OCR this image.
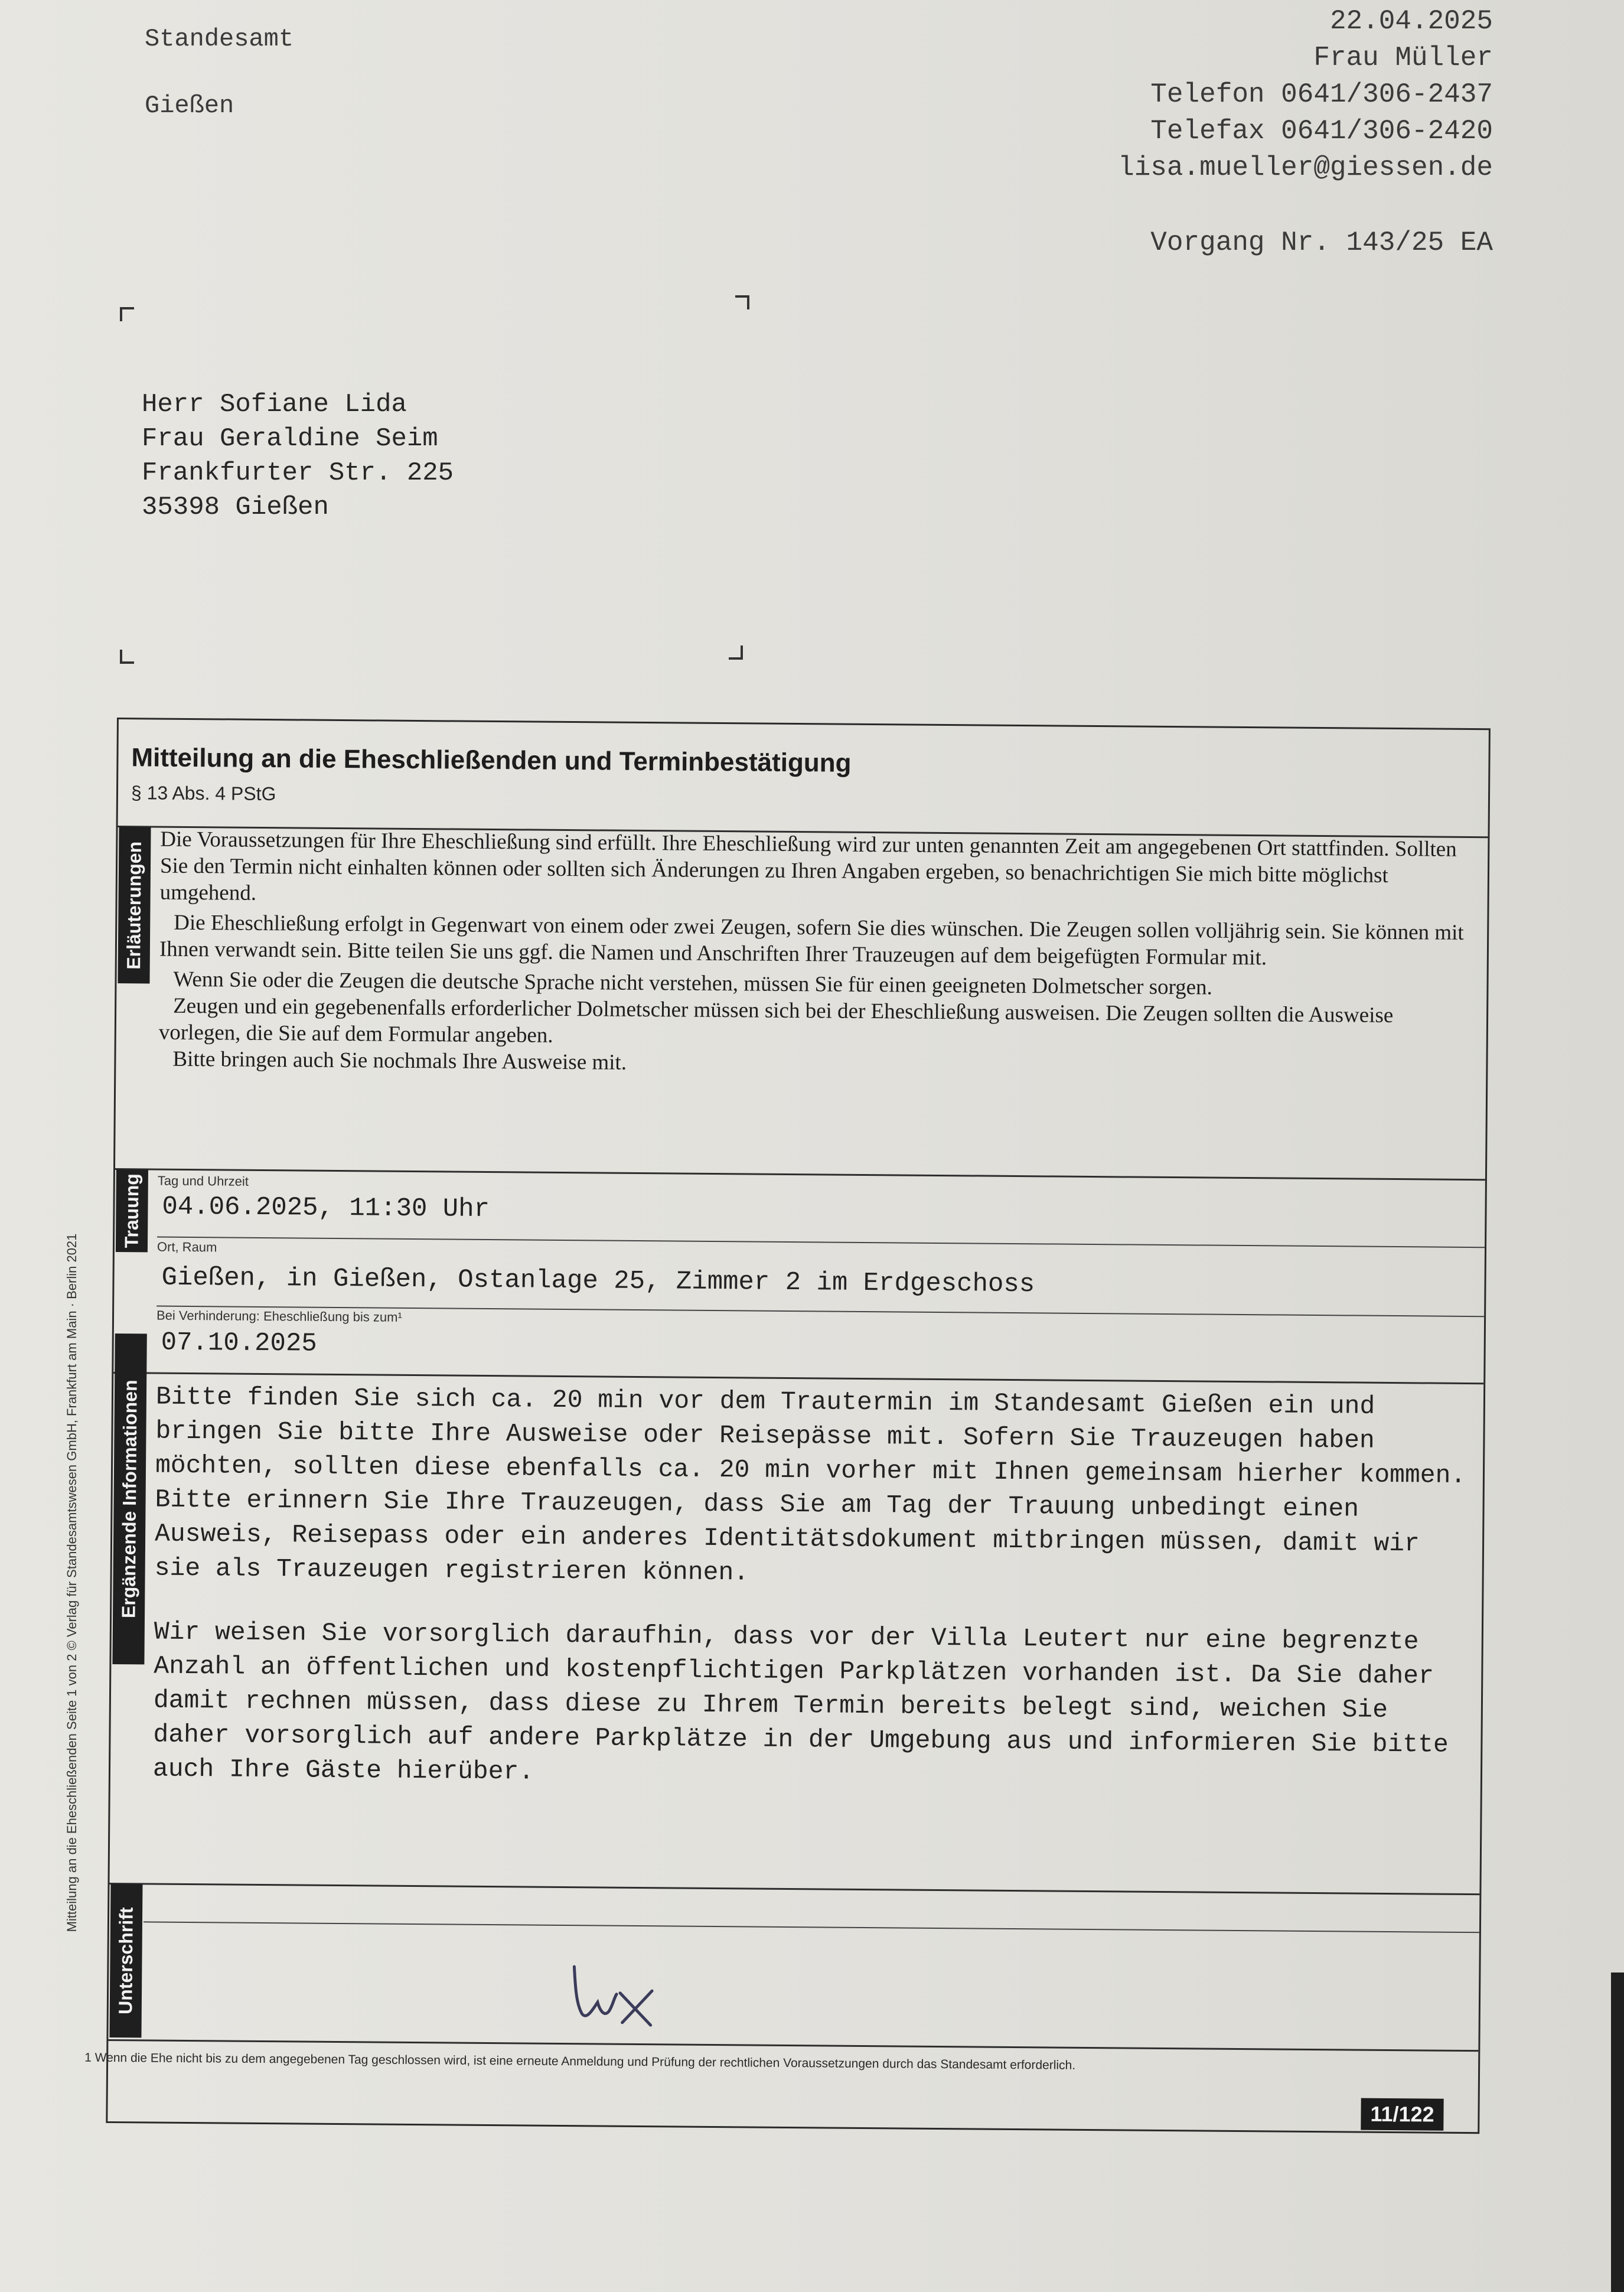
Standesamt
Gießen
22.04.2025
Frau Müller
Telefon 0641/306-2437
Telefax 0641/306-2420
lisa.mueller@giessen.de
Vorgang Nr. 143/25 EA
Herr Sofiane Lida
Frau Geraldine Seim
Frankfurter Str. 225
35398 Gießen
Mitteilung an die Eheschließenden und Terminbestätigung
§ 13 Abs. 4 PStG
Erläuterungen Die Voraussetzungen für Ihre Eheschließung sind erfüllt. Ihre Eheschließung wird zur unten genannten Zeit am angegebenen Ort stattfinden. Sollten Sie den Termin nicht einhalten können oder sollten sich Änderungen zu Ihren Angaben ergeben, so benachrichtigen Sie mich bitte möglichst umgehend.

Die Eheschließung erfolgt in Gegenwart von einem oder zwei Zeugen, sofern Sie dies wünschen. Die Zeugen sollen volljährig sein. Sie können mit Ihnen verwandt sein. Bitte teilen Sie uns ggf. die Namen und Anschriften Ihrer Trauzeugen auf dem beigefügten Formular mit.

Wenn Sie oder die Zeugen die deutsche Sprache nicht verstehen, müssen Sie für einen geeigneten Dolmetscher sorgen.

Zeugen und ein gegebenenfalls erforderlicher Dolmetscher müssen sich bei der Eheschließung ausweisen. Die Zeugen sollten die Ausweise vorlegen, die Sie auf dem Formular angeben.

Bitte bringen auch Sie nochmals Ihre Ausweise mit.

Trauung Tag und Uhrzeit
04.06.2025, 11:30 Uhr
Ort, Raum
Gießen, in Gießen, Ostanlage 25, Zimmer 2 im Erdgeschoss
Bei Verhinderung: Eheschließung bis zum¹
07.10.2025
Ergänzende Informationen Bitte finden Sie sich ca. 20 min vor dem Trautermin im Standesamt Gießen ein und bringen Sie bitte Ihre Ausweise oder Reisepässe mit. Sofern Sie Trauzeugen haben möchten, sollten diese ebenfalls ca. 20 min vorher mit Ihnen gemeinsam hierher kommen. Bitte erinnern Sie Ihre Trauzeugen, dass Sie am Tag der Trauung unbedingt einen Ausweis, Reisepass oder ein anderes Identitätsdokument mitbringen müssen, damit wir sie als Trauzeugen registrieren können.

Wir weisen Sie vorsorglich daraufhin, dass vor der Villa Leutert nur eine begrenzte Anzahl an öffentlichen und kostenpflichtigen Parkplätzen vorhanden ist. Da Sie daher damit rechnen müssen, dass diese zu Ihrem Termin bereits belegt sind, weichen Sie daher vorsorglich auf andere Parkplätze in der Umgebung aus und informieren Sie bitte auch Ihre Gäste hierüber.

Unterschrift
1 Wenn die Ehe nicht bis zu dem angegebenen Tag geschlossen wird, ist eine erneute Anmeldung und Prüfung der rechtlichen Voraussetzungen durch das Standesamt erforderlich.
11/122
Mitteilung an die Eheschließenden Seite 1 von 2 © Verlag für Standesamtswesen GmbH, Frankfurt am Main · Berlin 2021
